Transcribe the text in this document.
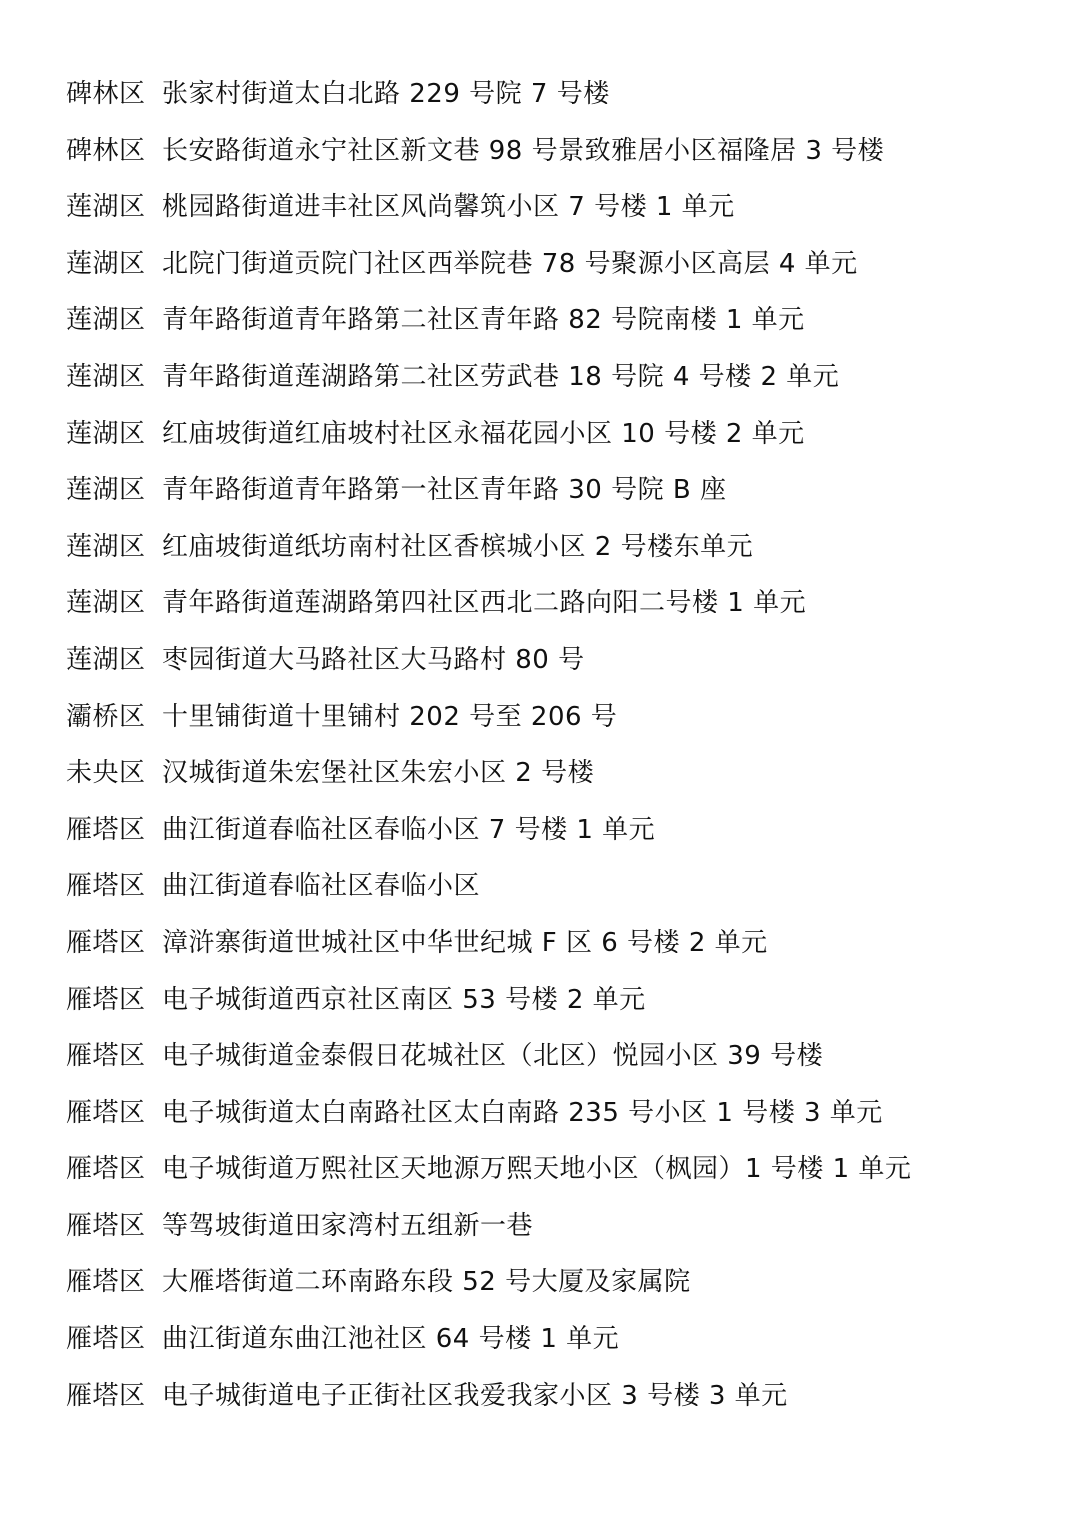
碑林区 张家村街道太白北路 229 号院 7 号楼
碑林区 长安路街道永宁社区新文巷 98 号景致雅居小区福隆居 3 号楼
莲湖区 桃园路街道进丰社区风尚馨筑小区 7 号楼 1 单元
莲湖区 北院门街道贡院门社区西举院巷 78 号聚源小区高层 4 单元
莲湖区 青年路街道青年路第二社区青年路 82 号院南楼 1 单元
莲湖区 青年路街道莲湖路第二社区劳武巷 18 号院 4 号楼 2 单元
莲湖区 红庙坡街道红庙坡村社区永福花园小区 10 号楼 2 单元
莲湖区 青年路街道青年路第一社区青年路 30 号院 B 座
莲湖区 红庙坡街道纸坊南村社区香槟城小区 2 号楼东单元
莲湖区 青年路街道莲湖路第四社区西北二路向阳二号楼 1 单元
莲湖区 枣园街道大马路社区大马路村 80 号
灞桥区 十里铺街道十里铺村 202 号至 206 号
未央区 汉城街道朱宏堡社区朱宏小区 2 号楼
雁塔区 曲江街道春临社区春临小区 7 号楼 1 单元
雁塔区 曲江街道春临社区春临小区
雁塔区 漳浒寨街道世城社区中华世纪城 F 区 6 号楼 2 单元
雁塔区 电子城街道西京社区南区 53 号楼 2 单元
雁塔区 电子城街道金泰假日花城社区（北区）悦园小区 39 号楼
雁塔区 电子城街道太白南路社区太白南路 235 号小区 1 号楼 3 单元
雁塔区 电子城街道万熙社区天地源万熙天地小区（枫园）1 号楼 1 单元
雁塔区 等驾坡街道田家湾村五组新一巷
雁塔区 大雁塔街道二环南路东段 52 号大厦及家属院
雁塔区 曲江街道东曲江池社区 64 号楼 1 单元
雁塔区 电子城街道电子正街社区我爱我家小区 3 号楼 3 单元
